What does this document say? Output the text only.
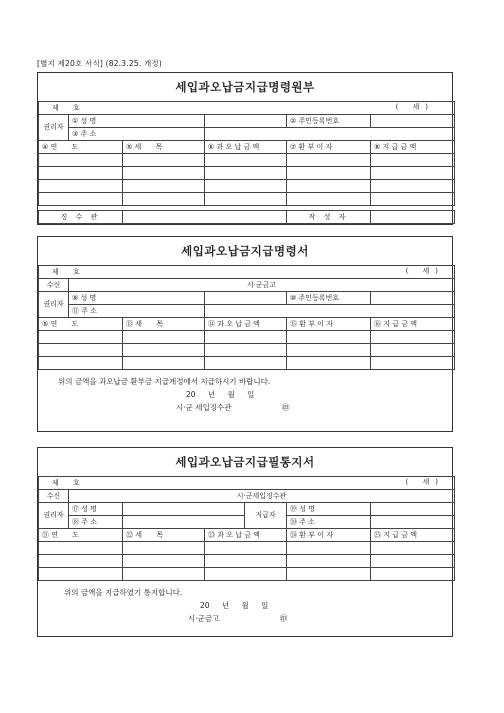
[별지 제20호 서식] (82.3.25. 개정)
세입과오납금지급명령원부
제 호 ( 세)					

권리자	① 성 명			② 주민등록번호	
	③ 주 소				
④ 연 도		⑤ 세 목	⑥ 과 오 납 금 액	⑦ 환 부 이 자	⑧ 지 급 금 액

징 수 관				작 성 자	
세입과오납금지급명령서
제 호 ( 세)					

수신	시·군금고				
권리자	⑨ 성 명			⑩ 주민등록번호	
	⑪ 주 소				
⑤ 연 도		⑬ 세 목	⑭ 과 오 납 금 액	⑮ 환 부 이 자	⑯ 지 급 금 액

위의 금액을 과오납금 환부금 지급계정에서 지급하시기 바랍니다.
20 년 월 일
시·군 세입징수관	㊞
세입과오납금지급필통지서
제 호 ( 세)						

수신	시·군세입징수관					
권리자	⑰ 성 명			지급자	⑲ 성 명	
	⑱ 주 소				⑳ 주 소	
㉑ 연 도		㉒ 세 목	㉓ 과 오 납 금 액		㉔ 환 부 이 자	㉕ 지 급 금 액

위의 금액을 지급하였기 통지합니다.
20 년 월 일
시·군금고	㊞
